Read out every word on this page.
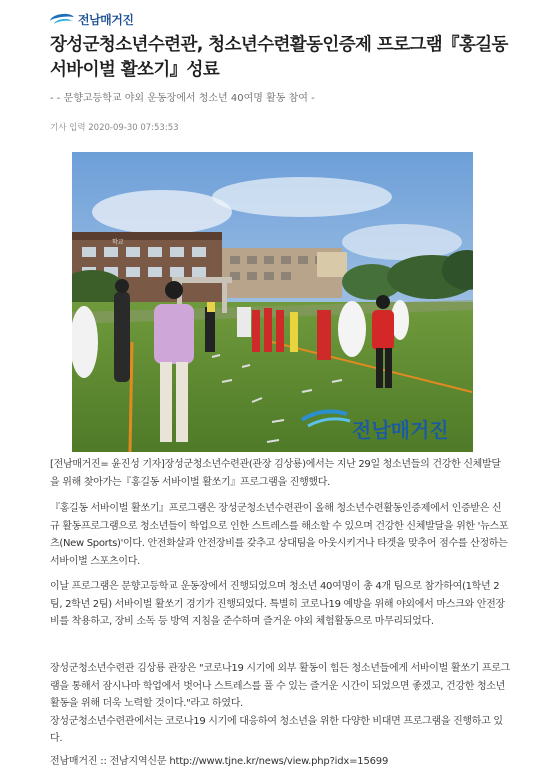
전남매거진
장성군청소년수련관, 청소년수련활동인증제 프로그램『홍길동 서바이벌 활쏘기』성료

- - 문향고등학교 야외 운동장에서 청소년 40여명 활동 참여 -

기사 입력 2020-09-30 07:53:53
학교
전남매거진

[전남매거진= 윤진성 기자]장성군청소년수련관(관장 김상룡)에서는 지난 29일 청소년들의 건강한 신체발달을 위해 찾아가는『홍길동 서바이벌 활쏘기』프로그램을 진행했다.

『홍길동 서바이벌 활쏘기』프로그램은 장성군청소년수련관이 올해 청소년수련활동인증제에서 인증받은 신규 활동프로그램으로 청소년들이 학업으로 인한 스트레스를 해소할 수 있으며 건강한 신체발달을 위한 '뉴스포츠(New Sports)'이다. 안전화살과 안전장비를 갖추고 상대팀을 아웃시키거나 타겟을 맞추어 점수를 산정하는 서바이벌 스포츠이다.

이날 프로그램은 문향고등학교 운동장에서 진행되었으며 청소년 40여명이 총 4개 팀으로 참가하여(1학년 2팀, 2학년 2팀) 서바이벌 활쏘기 경기가 진행되었다. 특별히 코로나19 예방을 위해 야외에서 마스크와 안전장비를 착용하고, 장비 소독 등 방역 지침을 준수하며 즐거운 야외 체험활동으로 마무리되었다.

장성군청소년수련관 김상룡 관장은 "코로나19 시기에 외부 활동이 힘든 청소년들에게 서바이벌 활쏘기 프로그램을 통해서 잠시나마 학업에서 벗어나 스트레스를 풀 수 있는 즐거운 시간이 되었으면 좋겠고, 건강한 청소년 활동을 위해 더욱 노력할 것이다."라고 하였다.
장성군청소년수련관에서는 코로나19 시기에 대응하여 청소년을 위한 다양한 비대면 프로그램을 진행하고 있다.

전남매거진 :: 전남지역신문 http://www.tjne.kr/news/view.php?idx=15699
